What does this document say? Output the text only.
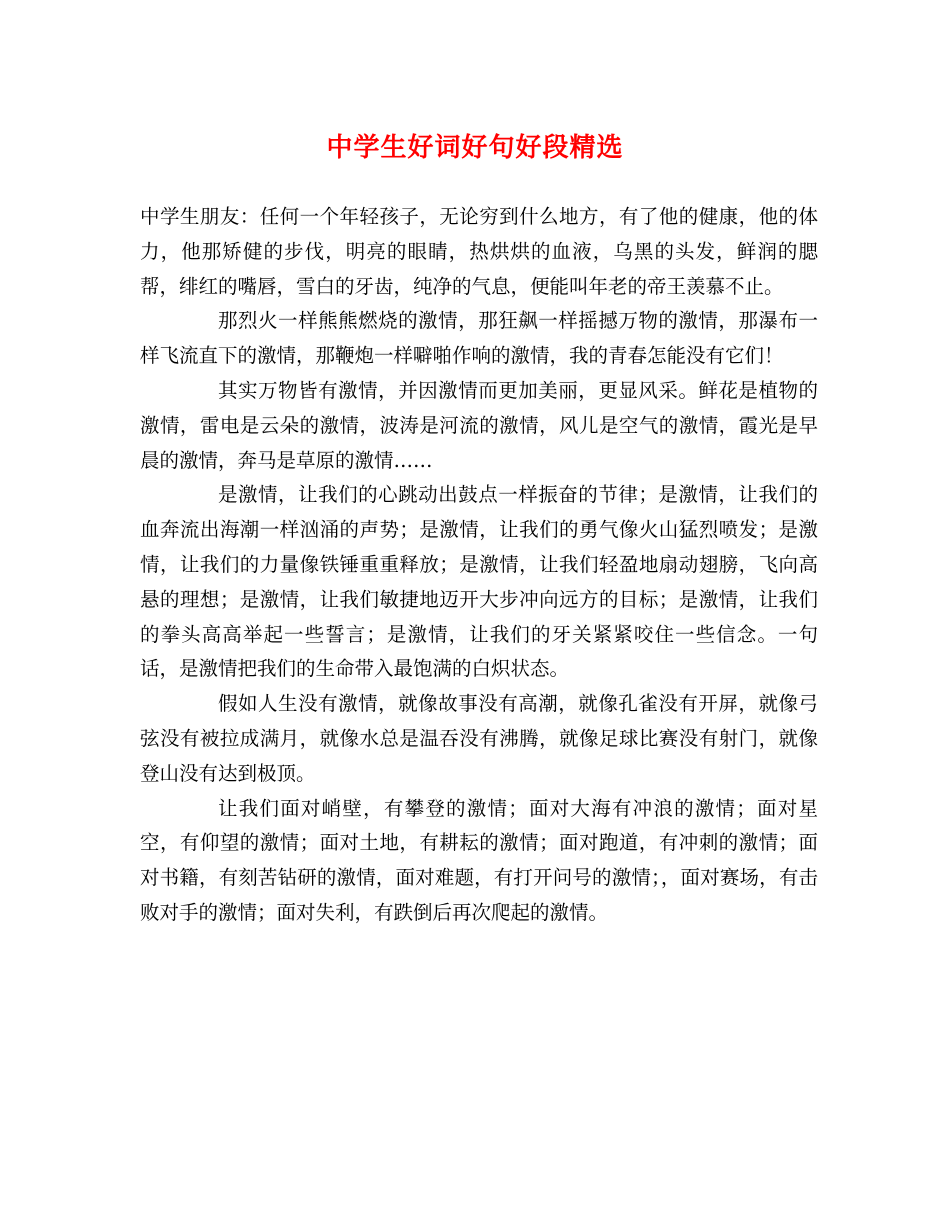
中学生好词好句好段精选

中学生朋友：任何一个年轻孩子，无论穷到什么地方，有了他的健康，他的体力，他那矫健的步伐，明亮的眼睛，热烘烘的血液，乌黑的头发，鲜润的腮帮，绯红的嘴唇，雪白的牙齿，纯净的气息，便能叫年老的帝王羡慕不止。

那烈火一样熊熊燃烧的激情，那狂飙一样摇撼万物的激情，那瀑布一样飞流直下的激情，那鞭炮一样噼啪作响的激情，我的青春怎能没有它们！

其实万物皆有激情，并因激情而更加美丽，更显风采。鲜花是植物的激情，雷电是云朵的激情，波涛是河流的激情，风儿是空气的激情，霞光是早晨的激情，奔马是草原的激情……

是激情，让我们的心跳动出鼓点一样振奋的节律；是激情，让我们的血奔流出海潮一样汹涌的声势；是激情，让我们的勇气像火山猛烈喷发；是激情，让我们的力量像铁锤重重释放；是激情，让我们轻盈地扇动翅膀，飞向高悬的理想；是激情，让我们敏捷地迈开大步冲向远方的目标；是激情，让我们的拳头高高举起一些誓言；是激情，让我们的牙关紧紧咬住一些信念。一句话，是激情把我们的生命带入最饱满的白炽状态。

假如人生没有激情，就像故事没有高潮，就像孔雀没有开屏，就像弓弦没有被拉成满月，就像水总是温吞没有沸腾，就像足球比赛没有射门，就像登山没有达到极顶。

让我们面对峭壁，有攀登的激情；面对大海有冲浪的激情；面对星空，有仰望的激情；面对土地，有耕耘的激情；面对跑道，有冲刺的激情；面对书籍，有刻苦钻研的激情，面对难题，有打开问号的激情；，面对赛场，有击败对手的激情；面对失利，有跌倒后再次爬起的激情。
